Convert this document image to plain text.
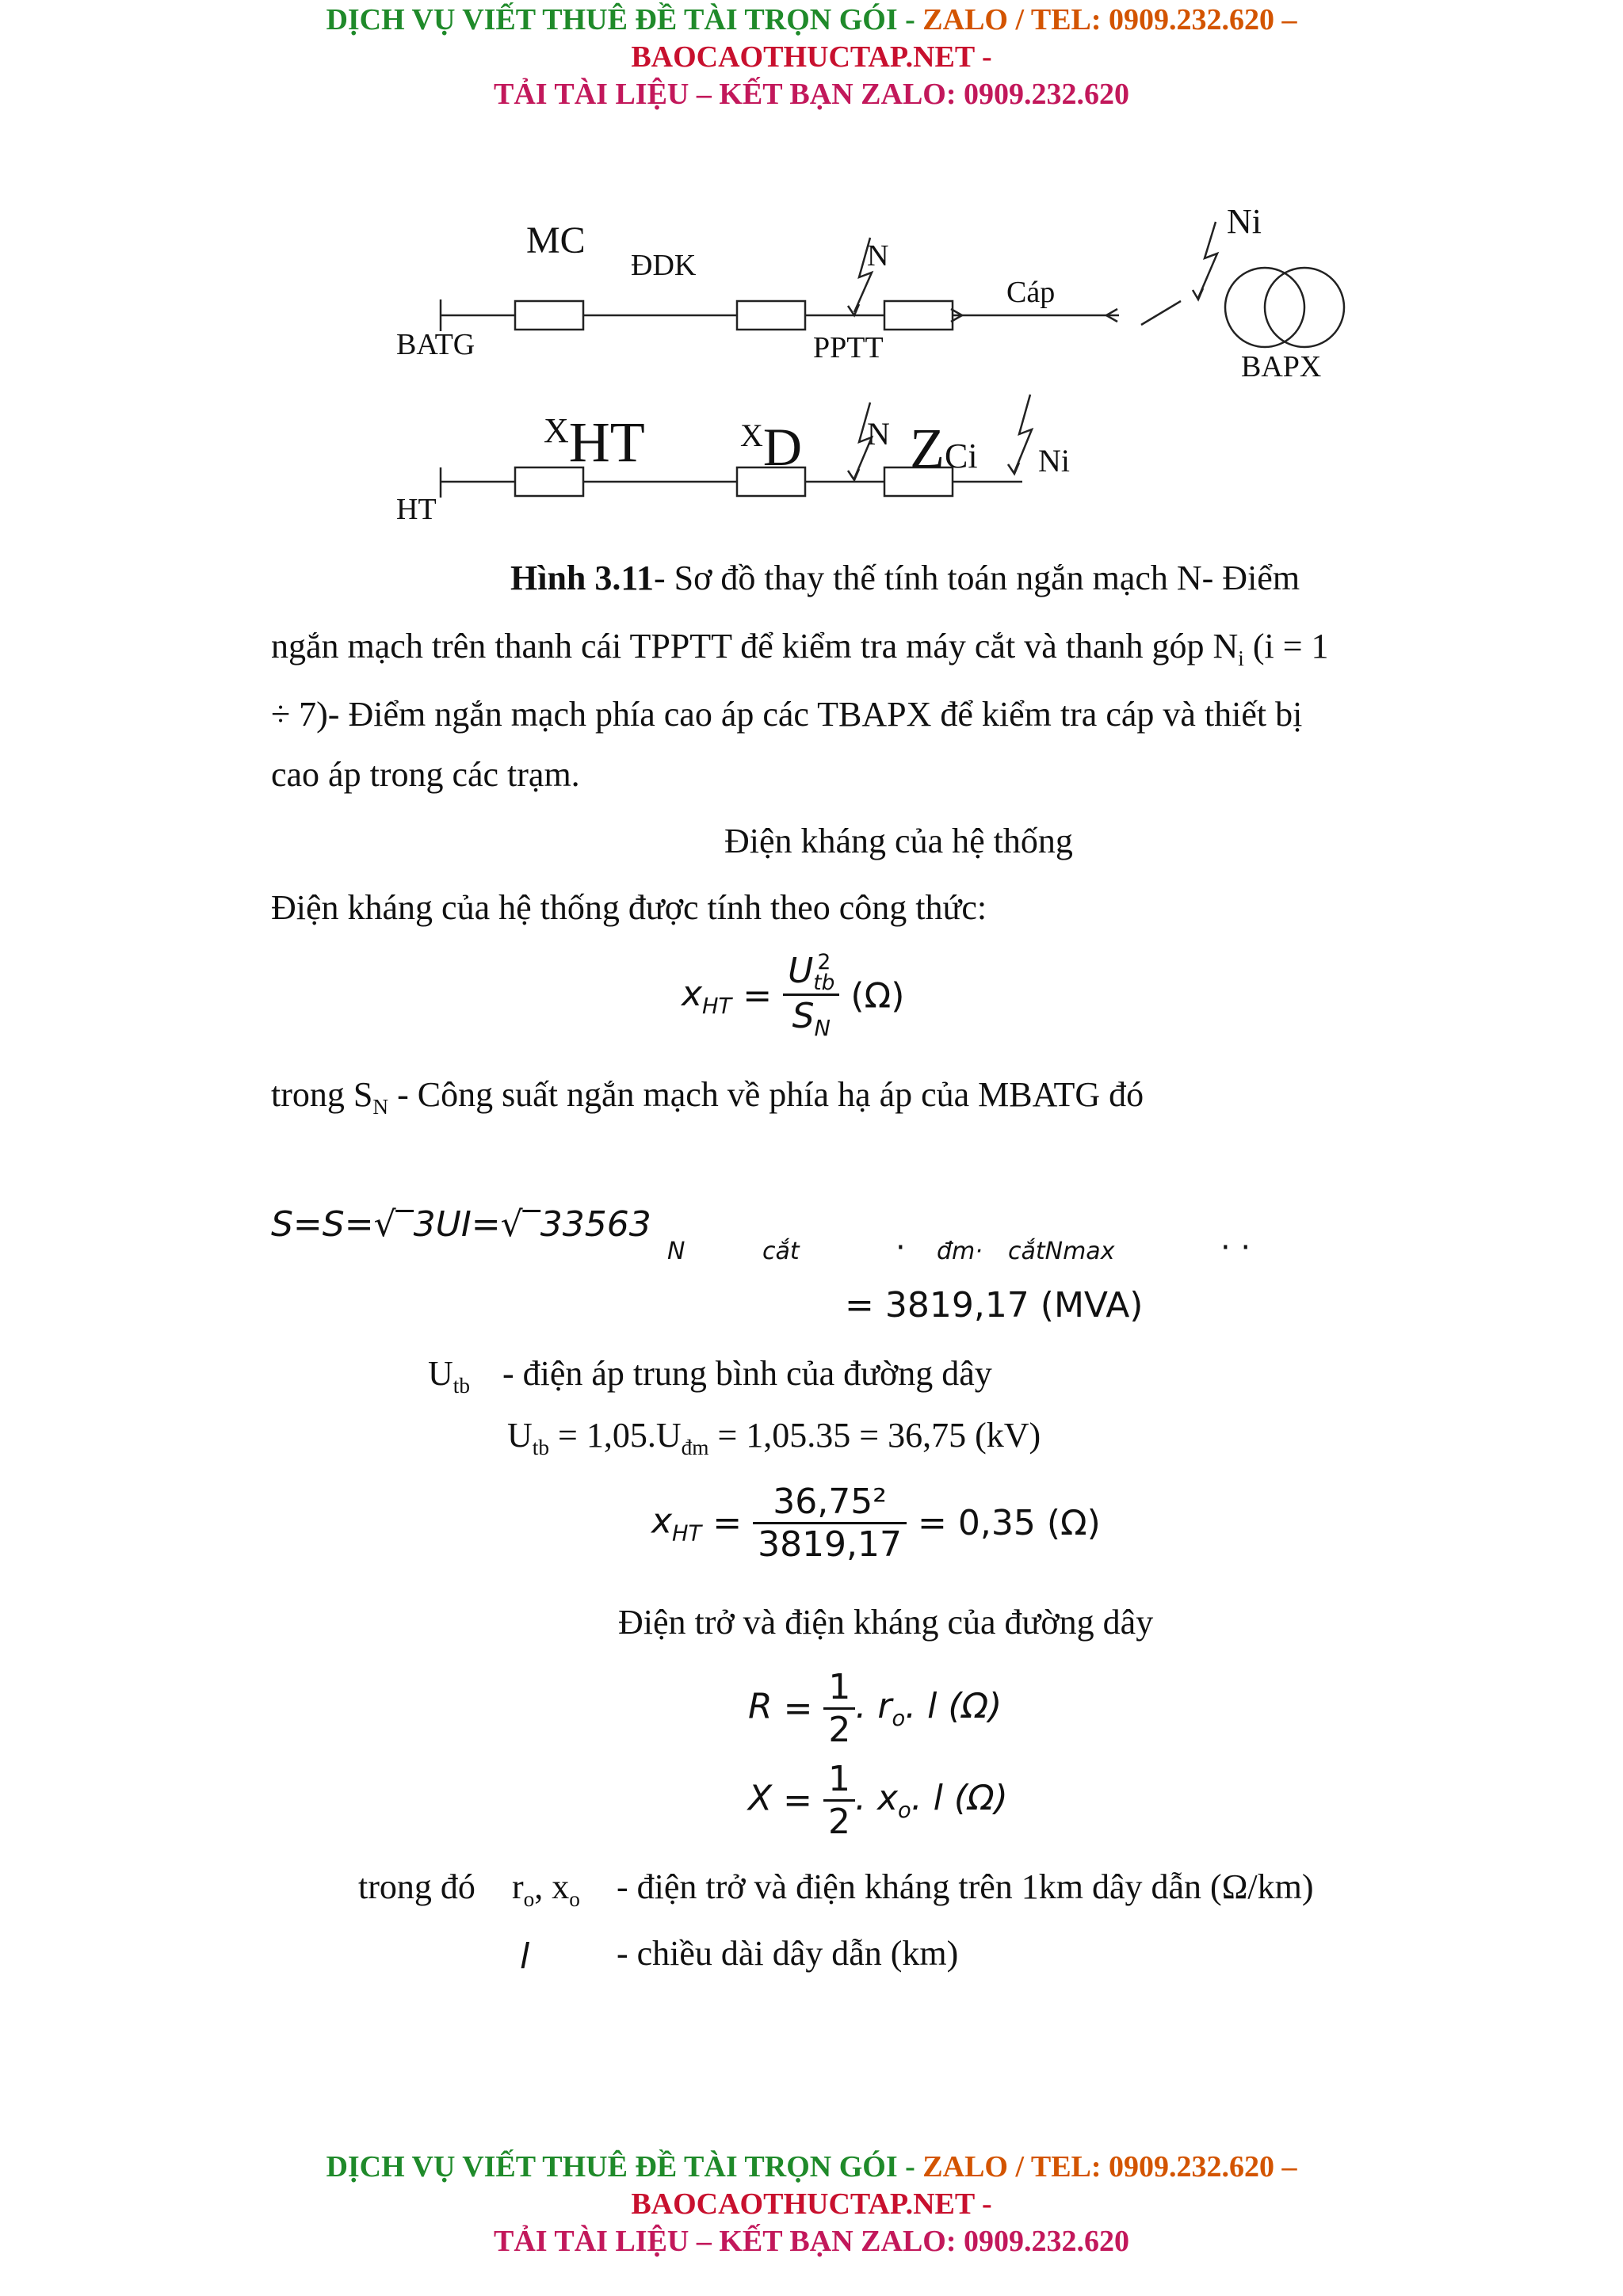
DỊCH VỤ VIẾT THUÊ ĐỀ TÀI TRỌN GÓI - ZALO / TEL: 0909.232.620 –
BAOCAOTHUCTAP.NET -
TẢI TÀI LIỆU – KẾT BẠN ZALO: 0909.232.620
MC
ĐDK	N
Cáp
Ni
BATG	PPTT
BAPX
XHT	XD N ZCi Ni
HT
Hình 3.11- Sơ đồ thay thế tính toán ngắn mạch N- Điểm
ngắn mạch trên thanh cái TPPTT để kiểm tra máy cắt và thanh góp $N_i$ (i = 1
÷ 7)- Điểm ngắn mạch phía cao áp các TBAPX để kiểm tra cáp và thiết bị
cao áp trong các trạm.
Điện kháng của hệ thống
Điện kháng của hệ thống được tính theo công thức:
$x_{HT} = U$ 2
tb
$S_N$ (Ω)
trong $S_N$ - Công suất ngắn mạch về phía hạ áp của MBATG đó
S=S=√‾3UI=√‾33563
N	cắt	· đm· cắtNmax	· ·
= 3819,17 (MVA)
$U_{tb}$ - điện áp trung bình của đường dây
$U_{tb} = 1,05.U_{đm} = 1,05.35 = 36,75$ (kV)
$x_{HT} = \frac{\text{36,75²}}{3819,17} = 0,35$ (Ω)
Điện trở và điện kháng của đường dây
$R = \frac{1}{2}$ . $r_o$. l (Ω)
$X = \frac{1}{2}$ . $x_o$. l (Ω)
trong đó $r_o$, $x_o$ - điện trở và điện kháng trên 1km dây dẫn (Ω/km)
l - chiều dài dây dẫn (km)
DỊCH VỤ VIẾT THUÊ ĐỀ TÀI TRỌN GÓI - ZALO / TEL: 0909.232.620 –
BAOCAOTHUCTAP.NET -
TẢI TÀI LIỆU – KẾT BẠN ZALO: 0909.232.620
